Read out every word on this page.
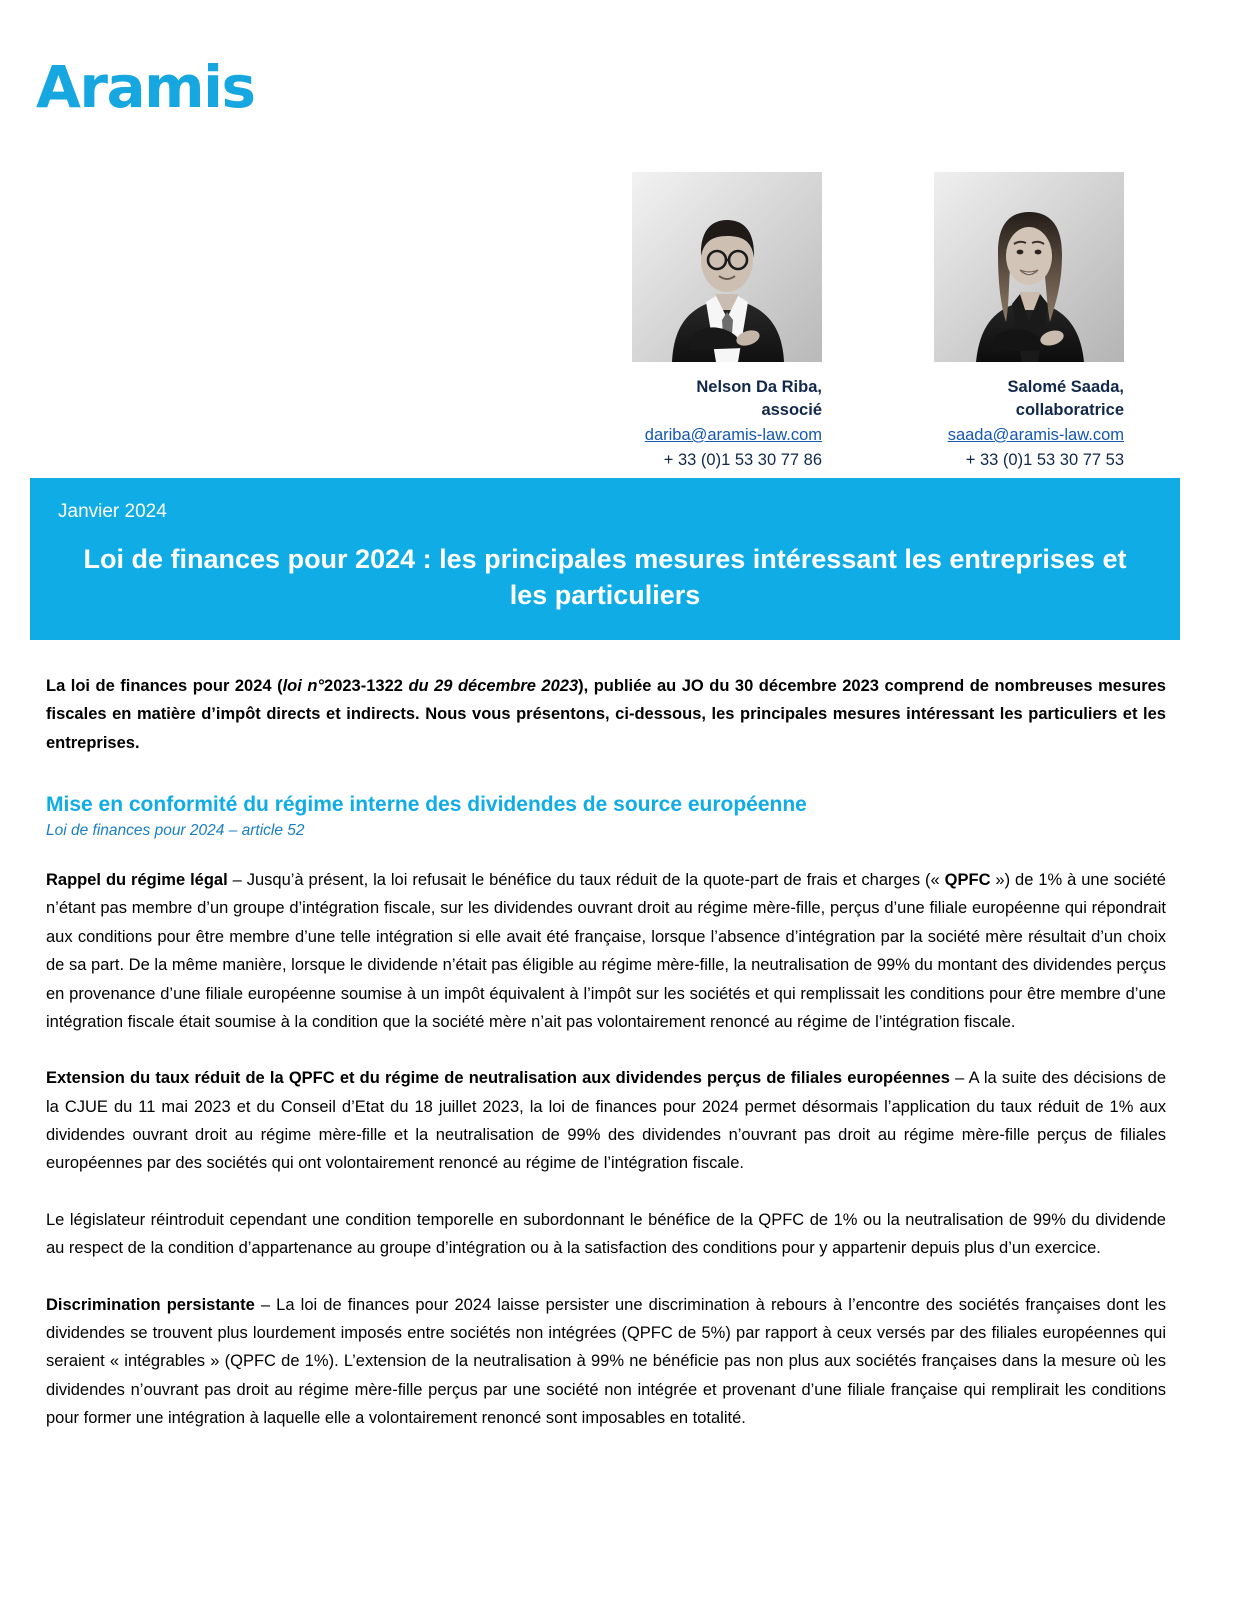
Aramis
Nelson Da Riba,
associé
dariba@aramis-law.com
+ 33 (0)1 53 30 77 86
Salomé Saada,
collaboratrice
saada@aramis-law.com
+ 33 (0)1 53 30 77 53
Janvier 2024
Loi de finances pour 2024 : les principales mesures intéressant les entreprises et les particuliers

La loi de finances pour 2024 (loi n°2023-1322 du 29 décembre 2023), publiée au JO du 30 décembre 2023 comprend de nombreuses mesures fiscales en matière d’impôt directs et indirects. Nous vous présentons, ci-dessous, les principales mesures intéressant les particuliers et les entreprises.

Mise en conformité du régime interne des dividendes de source européenne
Loi de finances pour 2024 – article 52

Rappel du régime légal – Jusqu’à présent, la loi refusait le bénéfice du taux réduit de la quote-part de frais et charges (« QPFC ») de 1% à une société n’étant pas membre d’un groupe d’intégration fiscale, sur les dividendes ouvrant droit au régime mère-fille, perçus d’une filiale européenne qui répondrait aux conditions pour être membre d’une telle intégration si elle avait été française, lorsque l’absence d’intégration par la société mère résultait d’un choix de sa part. De la même manière, lorsque le dividende n’était pas éligible au régime mère-fille, la neutralisation de 99% du montant des dividendes perçus en provenance d’une filiale européenne soumise à un impôt équivalent à l’impôt sur les sociétés et qui remplissait les conditions pour être membre d’une intégration fiscale était soumise à la condition que la société mère n’ait pas volontairement renoncé au régime de l’intégration fiscale.

Extension du taux réduit de la QPFC et du régime de neutralisation aux dividendes perçus de filiales européennes – A la suite des décisions de la CJUE du 11 mai 2023 et du Conseil d’Etat du 18 juillet 2023, la loi de finances pour 2024 permet désormais l’application du taux réduit de 1% aux dividendes ouvrant droit au régime mère-fille et la neutralisation de 99% des dividendes n’ouvrant pas droit au régime mère-fille perçus de filiales européennes par des sociétés qui ont volontairement renoncé au régime de l’intégration fiscale.

Le législateur réintroduit cependant une condition temporelle en subordonnant le bénéfice de la QPFC de 1% ou la neutralisation de 99% du dividende au respect de la condition d’appartenance au groupe d’intégration ou à la satisfaction des conditions pour y appartenir depuis plus d’un exercice.

Discrimination persistante – La loi de finances pour 2024 laisse persister une discrimination à rebours à l’encontre des sociétés françaises dont les dividendes se trouvent plus lourdement imposés entre sociétés non intégrées (QPFC de 5%) par rapport à ceux versés par des filiales européennes qui seraient « intégrables » (QPFC de 1%). L’extension de la neutralisation à 99% ne bénéficie pas non plus aux sociétés françaises dans la mesure où les dividendes n’ouvrant pas droit au régime mère-fille perçus par une société non intégrée et provenant d’une filiale française qui remplirait les conditions pour former une intégration à laquelle elle a volontairement renoncé sont imposables en totalité.
